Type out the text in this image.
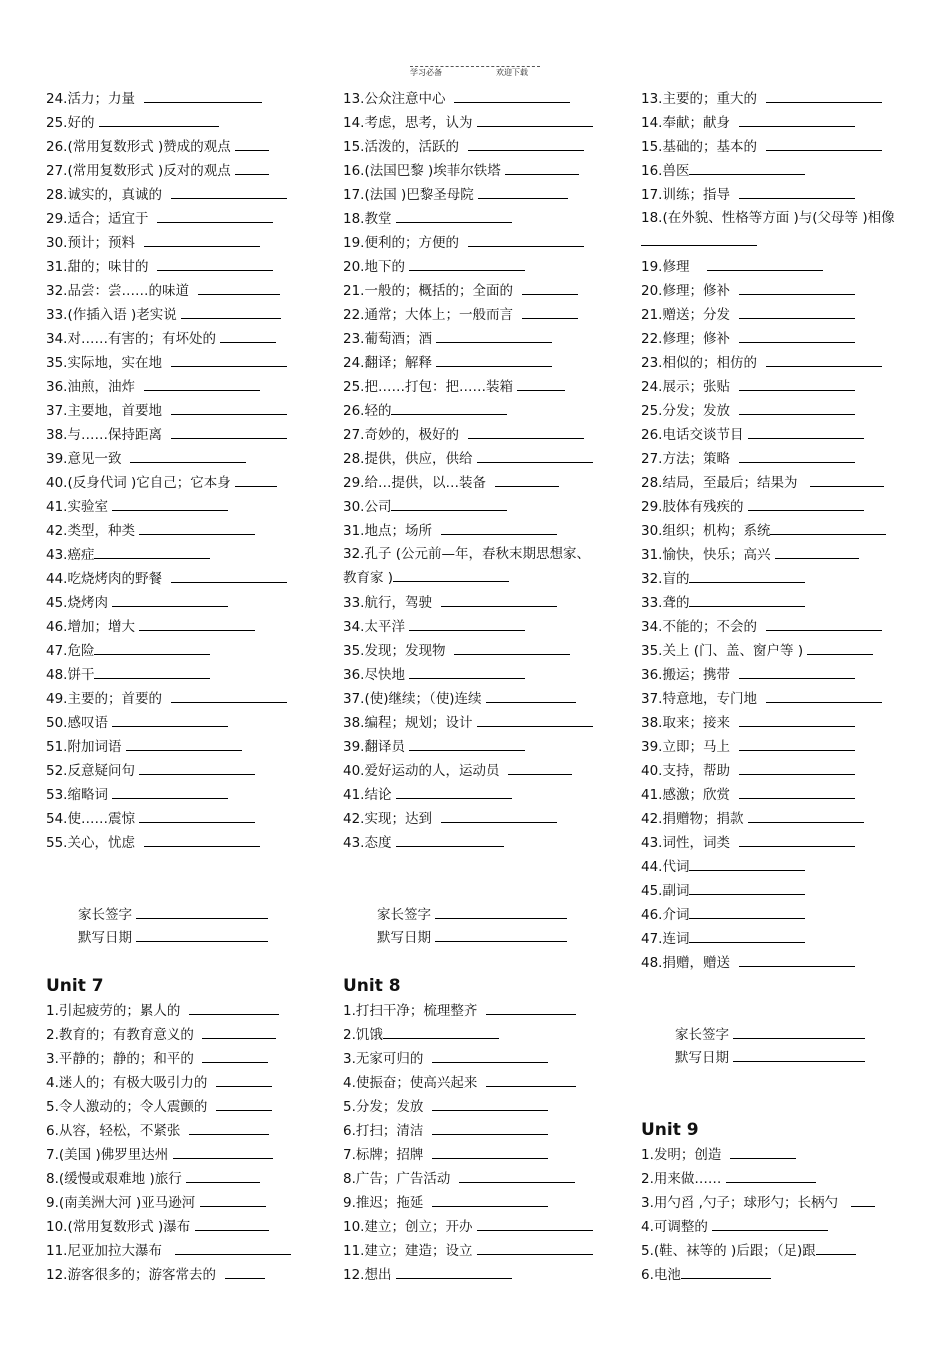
学习必备	欢迎下载
24.活力；力量
25.好的
26.(常用复数形式 )赞成的观点
27.(常用复数形式 )反对的观点
28.诚实的，真诚的
29.适合；适宜于
30.预计；预料
31.甜的；味甘的
32.品尝：尝……的味道
33.(作插入语 )老实说
34.对……有害的；有坏处的
35.实际地，实在地
36.油煎，油炸
37.主要地，首要地
38.与……保持距离
39.意见一致
40.(反身代词 )它自己；它本身
41.实验室
42.类型，种类
43.癌症
44.吃烧烤肉的野餐
45.烧烤肉
46.增加；增大
47.危险
48.饼干
49.主要的；首要的
50.感叹语
51.附加词语
52.反意疑问句
53.缩略词
54.使……震惊
55.关心，忧虑
家长签字
默写日期
Unit 7
1.引起疲劳的；累人的
2.教育的；有教育意义的
3.平静的；静的；和平的
4.迷人的；有极大吸引力的
5.令人激动的；令人震颤的
6.从容，轻松，不紧张
7.(美国 )佛罗里达州
8.(缓慢或艰难地 )旅行
9.(南美洲大河 )亚马逊河
10.(常用复数形式 )瀑布
11.尼亚加拉大瀑布
12.游客很多的；游客常去的
13.公众注意中心
14.考虑，思考，认为
15.活泼的，活跃的
16.(法国巴黎 )埃菲尔铁塔
17.(法国 )巴黎圣母院
18.教堂
19.便利的；方便的
20.地下的
21.一般的；概括的；全面的
22.通常；大体上；一般而言
23.葡萄酒；酒
24.翻译；解释
25.把……打包：把……装箱
26.轻的
27.奇妙的，极好的
28.提供，供应，供给
29.给…提供，以…装备
30.公司
31.地点；场所
32.孔子 (公元前—年，春秋末期思想家、教育家 )
33.航行，驾驶
34.太平洋
35.发现；发现物
36.尽快地
37.(使)继续；（使)连续
38.编程；规划；设计
39.翻译员
40.爱好运动的人，运动员
41.结论
42.实现；达到
43.态度
家长签字
默写日期
Unit 8
1.打扫干净；梳理整齐
2.饥饿
3.无家可归的
4.使振奋；使高兴起来
5.分发；发放
6.打扫；清洁
7.标牌；招牌
8.广告；广告活动
9.推迟；拖延
10.建立；创立；开办
11.建立；建造；设立
12.想出
13.主要的；重大的
14.奉献；献身
15.基础的；基本的
16.兽医
17.训练；指导
18.(在外貌、性格等方面 )与(父母等 )相像
19.修理
20.修理；修补
21.赠送；分发
22.修理；修补
23.相似的；相仿的
24.展示；张贴
25.分发；发放
26.电话交谈节目
27.方法；策略
28.结局，至最后；结果为
29.肢体有残疾的
30.组织；机构；系统
31.愉快，快乐；高兴
32.盲的
33.聋的
34.不能的；不会的
35.关上 (门、盖、窗户等 )
36.搬运；携带
37.特意地，专门地
38.取来；接来
39.立即；马上
40.支持，帮助
41.感激；欣赏
42.捐赠物；捐款
43.词性，词类
44.代词
45.副词
46.介词
47.连词
48.捐赠，赠送
家长签字
默写日期
Unit 9
1.发明；创造
2.用来做……
3.用勺舀 ,勺子；球形勺；长柄勺
4.可调整的
5.(鞋、袜等的 )后跟；（足)跟
6.电池
